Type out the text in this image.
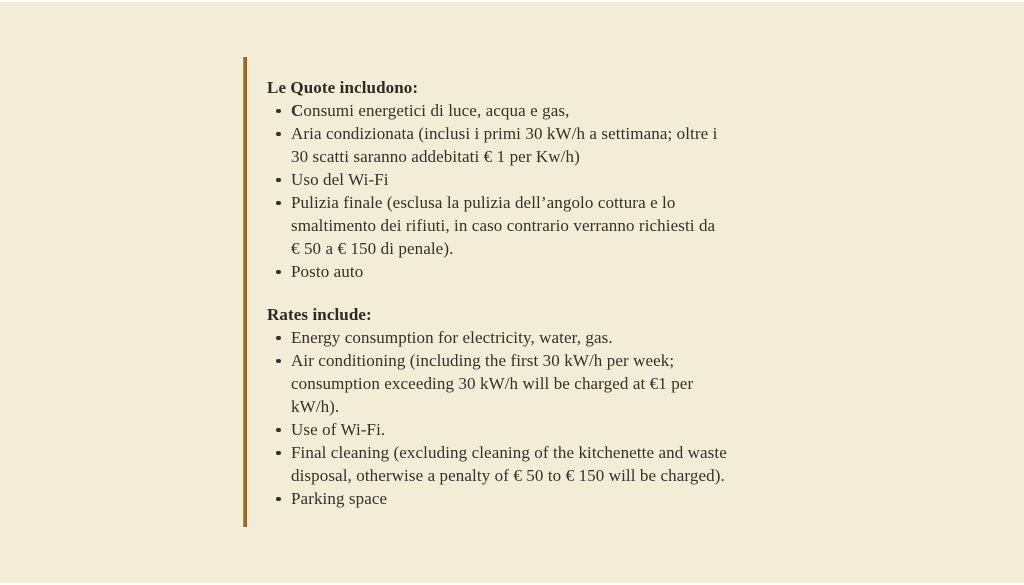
Le Quote includono:
Consumi energetici di luce, acqua e gas,
Aria condizionata (inclusi i primi 30 kW/h a settimana; oltre i
30 scatti saranno addebitati € 1 per Kw/h)
Uso del Wi-Fi
Pulizia finale (esclusa la pulizia dell’angolo cottura e lo
smaltimento dei rifiuti, in caso contrario verranno richiesti da
€ 50 a € 150 di penale).
Posto auto
Rates include:
Energy consumption for electricity, water, gas.
Air conditioning (including the first 30 kW/h per week;
consumption exceeding 30 kW/h will be charged at €1 per
kW/h).
Use of Wi-Fi.
Final cleaning (excluding cleaning of the kitchenette and waste
disposal, otherwise a penalty of € 50 to € 150 will be charged).
Parking space
